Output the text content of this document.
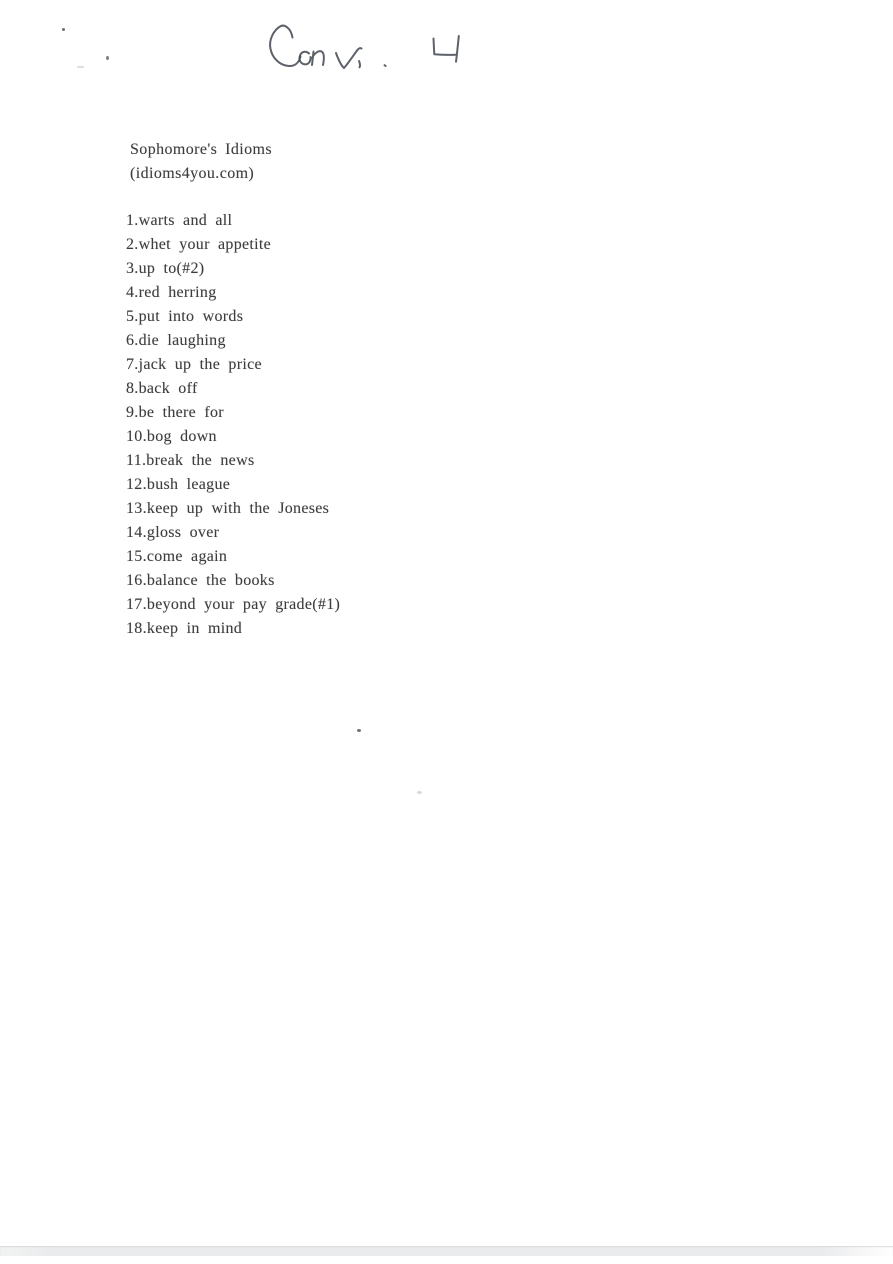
Sophomore's Idioms
(idioms4you.com)
1.warts and all
2.whet your appetite
3.up to(#2)
4.red herring
5.put into words
6.die laughing
7.jack up the price
8.back off
9.be there for
10.bog down
11.break the news
12.bush league
13.keep up with the Joneses
14.gloss over
15.come again
16.balance the books
17.beyond your pay grade(#1)
18.keep in mind
